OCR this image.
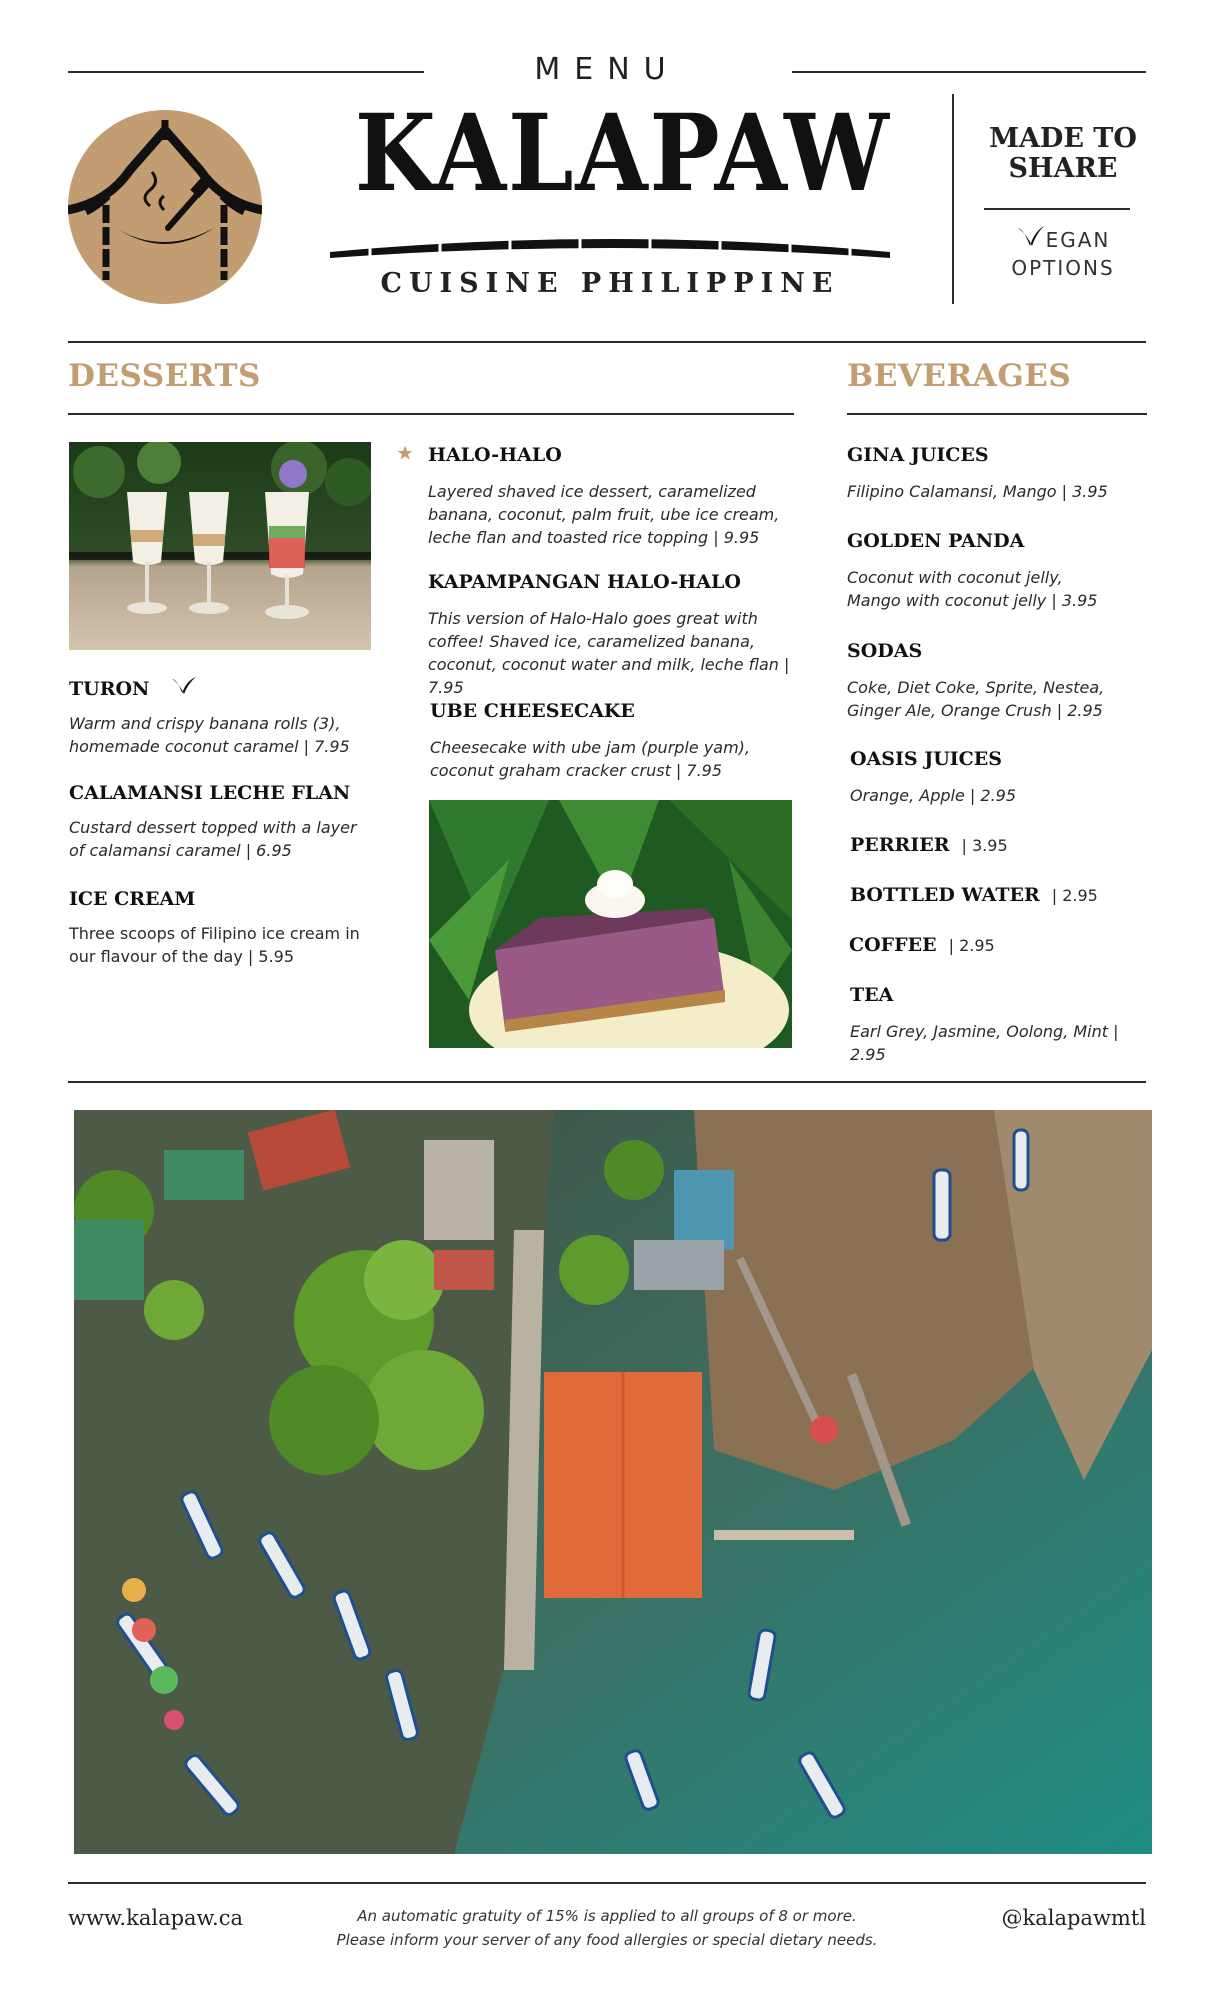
MENU
KALAPAW
CUISINE PHILIPPINE
MADE TO SHARE
EGAN
OPTIONS
DESSERTS
TURON
Warm and crispy banana rolls (3), homemade coconut caramel | 7.95
CALAMANSI LECHE FLAN
Custard dessert topped with a layer of calamansi caramel | 6.95
ICE CREAM
Three scoops of Filipino ice cream in our flavour of the day | 5.95
HALO-HALO
Layered shaved ice dessert, caramelized banana, coconut, palm fruit, ube ice cream, leche flan and toasted rice topping | 9.95
KAPAMPANGAN HALO-HALO
This version of Halo-Halo goes great with coffee! Shaved ice, caramelized banana, coconut, coconut water and milk, leche flan | 7.95
UBE CHEESECAKE
Cheesecake with ube jam (purple yam), coconut graham cracker crust | 7.95
BEVERAGES
GINA JUICES
Filipino Calamansi, Mango | 3.95
GOLDEN PANDA
Coconut with coconut jelly, Mango with coconut jelly | 3.95
SODAS
Coke, Diet Coke, Sprite, Nestea, Ginger Ale, Orange Crush | 2.95
OASIS JUICES
Orange, Apple | 2.95
PERRIER | 3.95
BOTTLED WATER | 2.95
COFFEE | 2.95
TEA
Earl Grey, Jasmine, Oolong, Mint | 2.95
www.kalapaw.ca	An automatic gratuity of 15% is applied to all groups of 8 or more.
Please inform your server of any food allergies or special dietary needs.
@kalapawmtl
